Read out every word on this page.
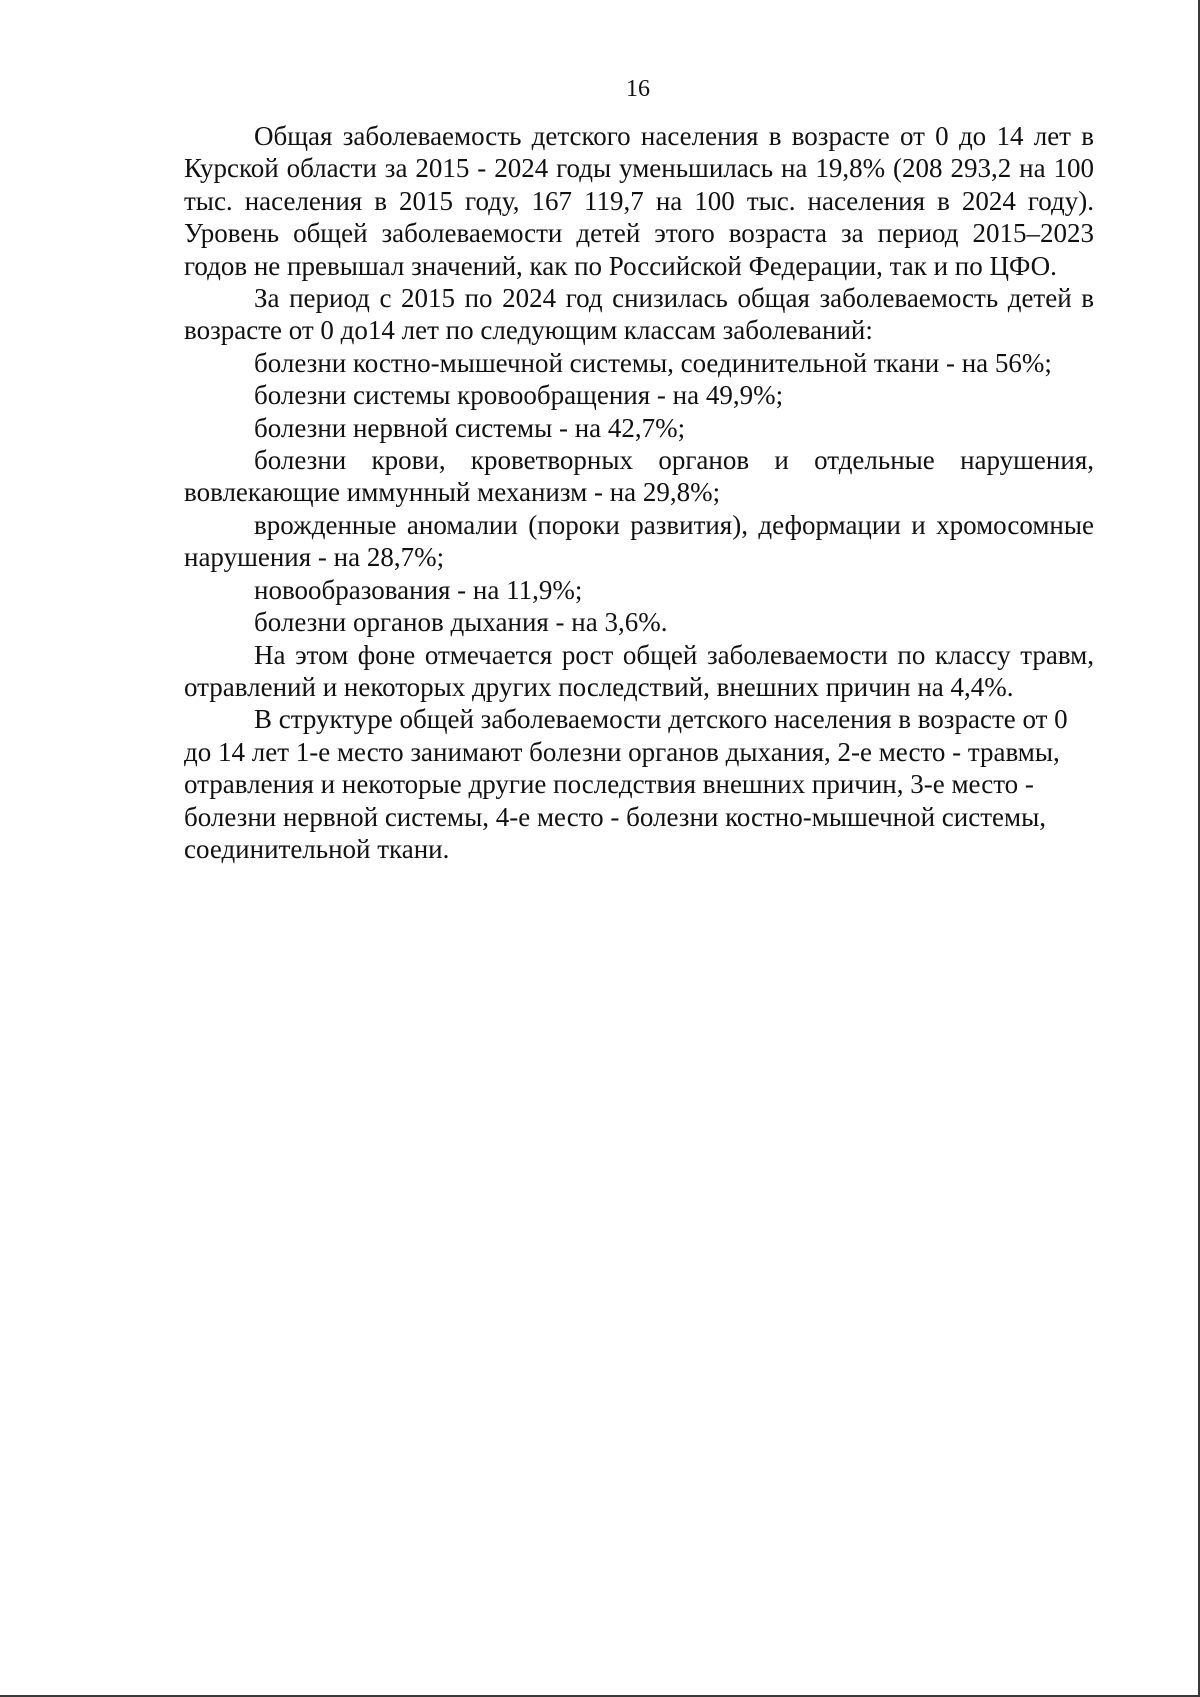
16

Общая заболеваемость детского населения в возрасте от 0 до 14 лет в Курской области за 2015 - 2024 годы уменьшилась на 19,8% (208 293,2 на 100 тыс. населения в 2015 году, 167 119,7 на 100 тыс. населения в 2024 году). Уровень общей заболеваемости детей этого возраста за период 2015–2023 годов не превышал значений, как по Российской Федерации, так и по ЦФО.

За период с 2015 по 2024 год снизилась общая заболеваемость детей в возрасте от 0 до14 лет по следующим классам заболеваний:

болезни костно-мышечной системы, соединительной ткани - на 56%;

болезни системы кровообращения - на 49,9%;

болезни нервной системы - на 42,7%;

болезни крови, кроветворных органов и отдельные нарушения, вовлекающие иммунный механизм - на 29,8%;

врожденные аномалии (пороки развития), деформации и хромосомные нарушения - на 28,7%;

новообразования - на 11,9%;

болезни органов дыхания - на 3,6%.

На этом фоне отмечается рост общей заболеваемости по классу травм, отравлений и некоторых других последствий, внешних причин на 4,4%.

В структуре общей заболеваемости детского населения в возрасте от 0 до 14 лет 1-е место занимают болезни органов дыхания, 2-е место - травмы, отравления и некоторые другие последствия внешних причин, 3-е место - болезни нервной системы, 4-е место - болезни костно-мышечной системы, соединительной ткани.
